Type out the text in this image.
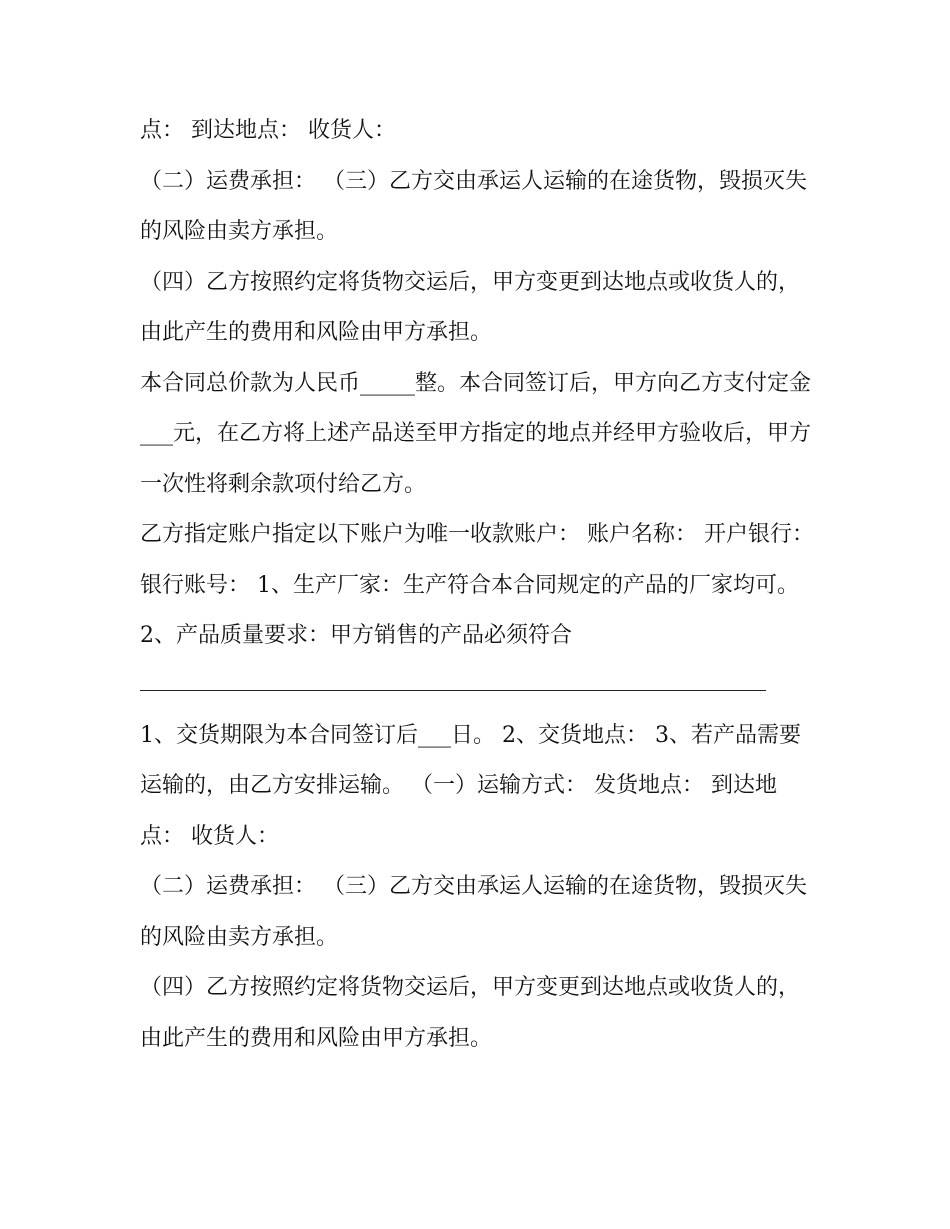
点： 到达地点： 收货人：

（二）运费承担： （三）乙方交由承运人运输的在途货物，毁损灭失的风险由卖方承担。

（四）乙方按照约定将货物交运后，甲方变更到达地点或收货人的，由此产生的费用和风险由甲方承担。

本合同总价款为人民币_____整。本合同签订后，甲方向乙方支付定金___元，在乙方将上述产品送至甲方指定的地点并经甲方验收后，甲方一次性将剩余款项付给乙方。

乙方指定账户指定以下账户为唯一收款账户： 账户名称： 开户银行： 银行账号： 1、生产厂家：生产符合本合同规定的产品的厂家均可。

2、产品质量要求：甲方销售的产品必须符合

1、交货期限为本合同签订后___日。 2、交货地点： 3、若产品需要运输的，由乙方安排运输。 （一）运输方式： 发货地点： 到达地点： 收货人：

（二）运费承担： （三）乙方交由承运人运输的在途货物，毁损灭失的风险由卖方承担。

（四）乙方按照约定将货物交运后，甲方变更到达地点或收货人的，由此产生的费用和风险由甲方承担。
